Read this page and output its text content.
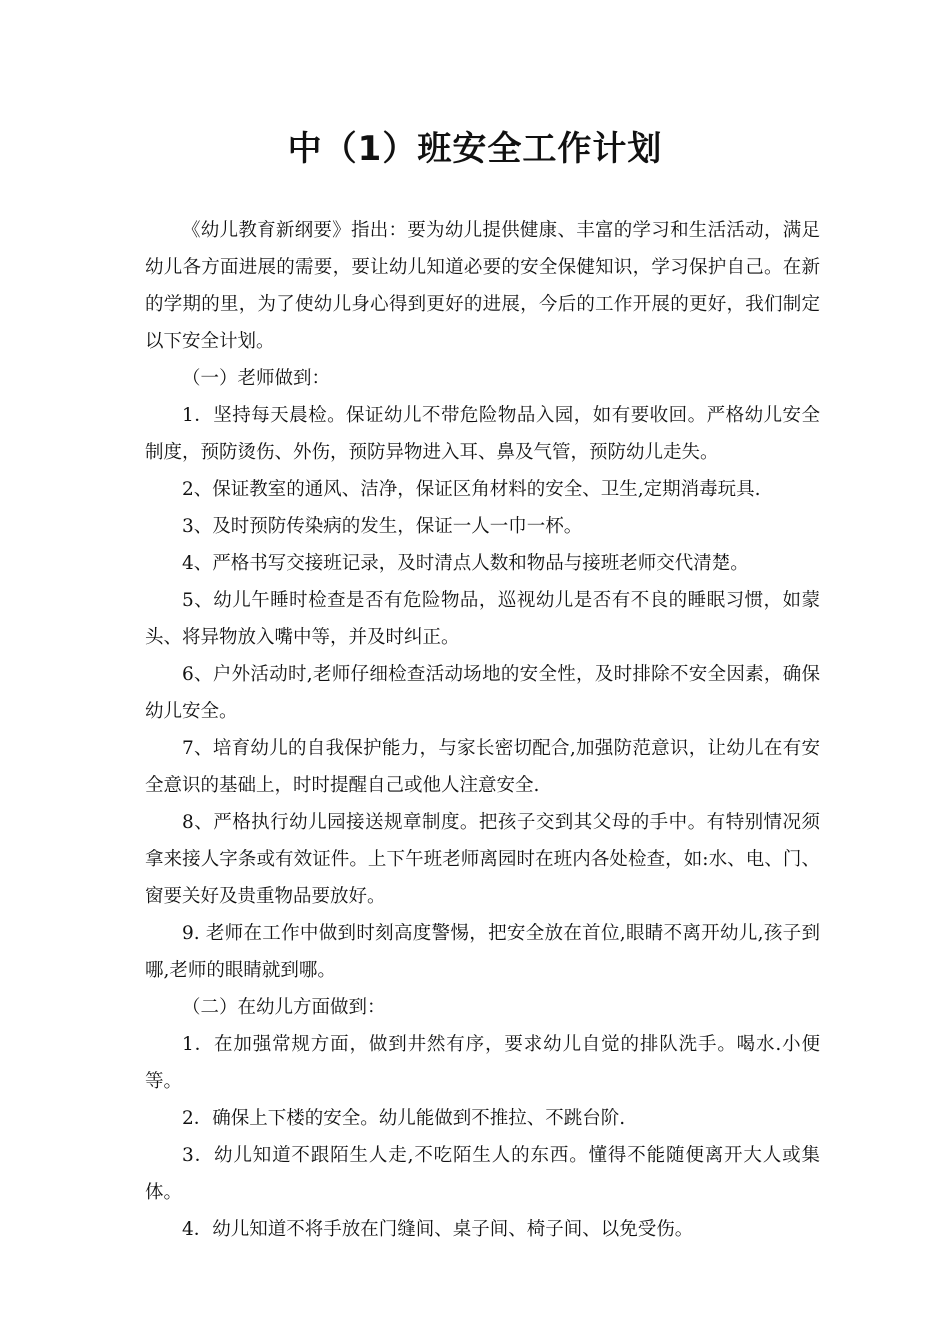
中（1）班安全工作计划

《幼儿教育新纲要》指出：要为幼儿提供健康、丰富的学习和生活活动，满足幼儿各方面进展的需要，要让幼儿知道必要的安全保健知识，学习保护自己。在新的学期的里，为了使幼儿身心得到更好的进展，今后的工作开展的更好，我们制定以下安全计划。

（一）老师做到：

1．坚持每天晨检。保证幼儿不带危险物品入园，如有要收回。严格幼儿安全制度，预防烫伤、外伤，预防异物进入耳、鼻及气管，预防幼儿走失。

2、保证教室的通风、洁净，保证区角材料的安全、卫生,定期消毒玩具.

3、及时预防传染病的发生，保证一人一巾一杯。

4、严格书写交接班记录，及时清点人数和物品与接班老师交代清楚。

5、幼儿午睡时检查是否有危险物品，巡视幼儿是否有不良的睡眠习惯，如蒙头、将异物放入嘴中等，并及时纠正。

6、户外活动时,老师仔细检查活动场地的安全性，及时排除不安全因素，确保幼儿安全。

7、培育幼儿的自我保护能力，与家长密切配合,加强防范意识，让幼儿在有安全意识的基础上，时时提醒自己或他人注意安全.

8、严格执行幼儿园接送规章制度。把孩子交到其父母的手中。有特别情况须拿来接人字条或有效证件。上下午班老师离园时在班内各处检查，如:水、电、门、窗要关好及贵重物品要放好。

9. 老师在工作中做到时刻高度警惕，把安全放在首位,眼睛不离开幼儿,孩子到哪,老师的眼睛就到哪。

（二）在幼儿方面做到：

1．在加强常规方面，做到井然有序，要求幼儿自觉的排队洗手。喝水.小便等。

2．确保上下楼的安全。幼儿能做到不推拉、不跳台阶.

3．幼儿知道不跟陌生人走,不吃陌生人的东西。懂得不能随便离开大人或集体。

4．幼儿知道不将手放在门缝间、桌子间、椅子间、以免受伤。
